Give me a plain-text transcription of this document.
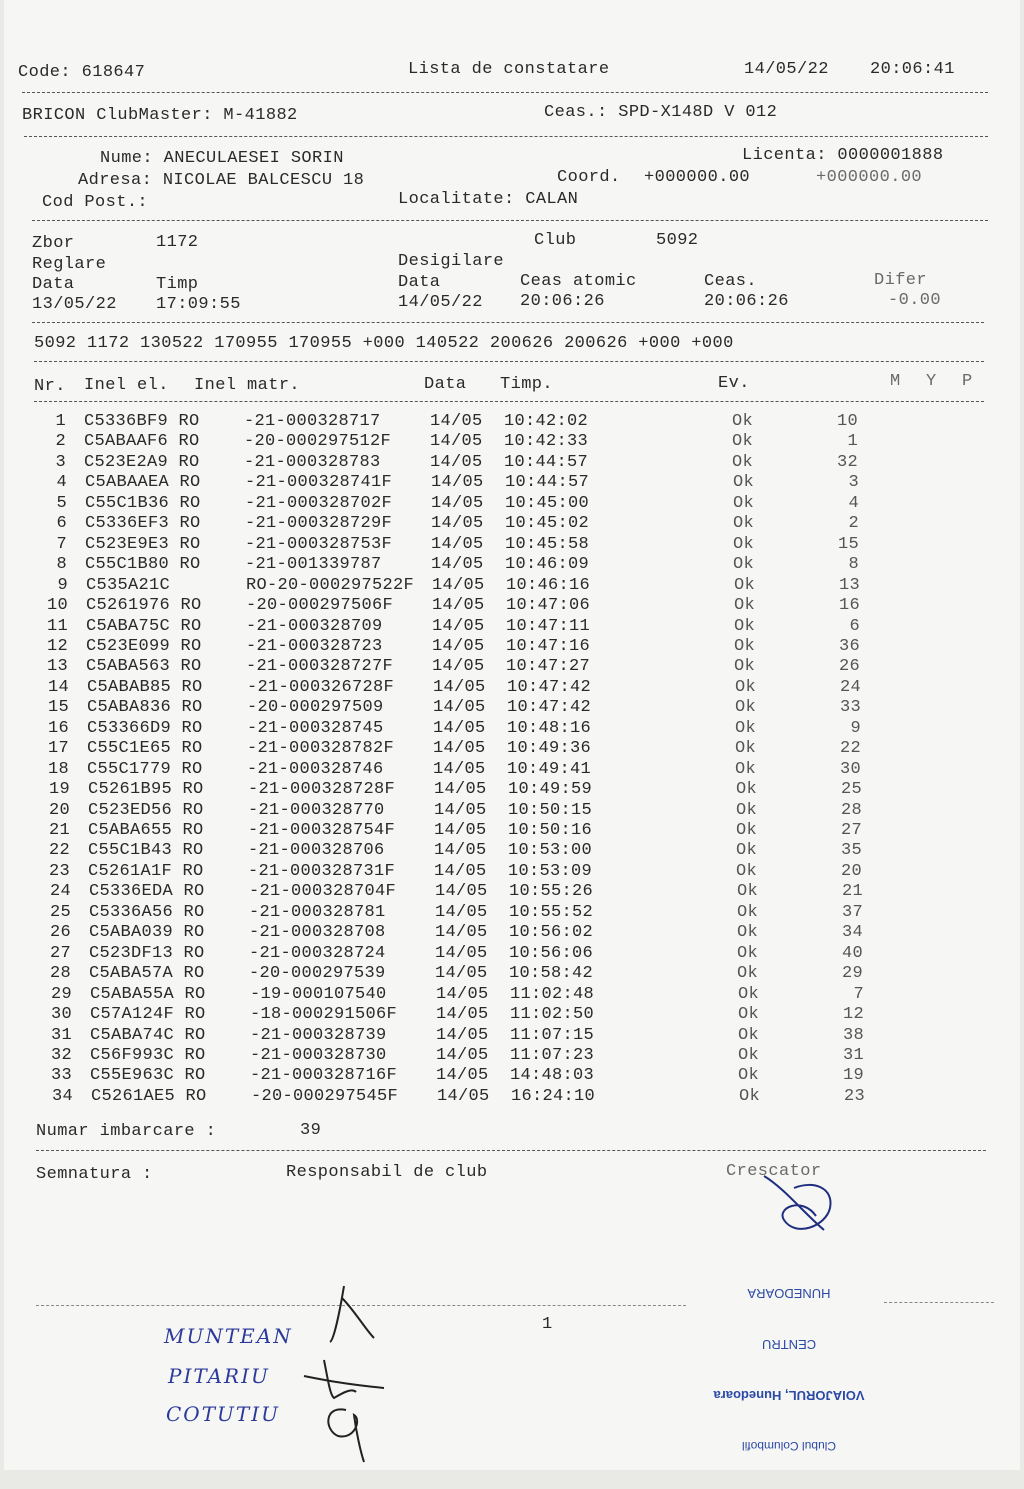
Code: 618647	Lista de constatare	14/05/22 20:06:41
BRICON ClubMaster: M-41882	Ceas.: SPD-X148D V 012
Nume: ANECULAESEI SORIN	Licenta: 0000001888
Adresa: NICOLAE BALCESCU 18	Coord. +000000.00	+000000.00
Cod Post.:	Localitate: CALAN
Zbor	1172	Club	5092
Reglare	Desigilare
Data	Timp	Data	Ceas atomic	Ceas.	Difer
13/05/22 17:09:55	14/05/22 20:06:26	20:06:26	-0.00
5092 1172 130522 170955 170955 +000 140522 200626 200626 +000 +000
Nr. Inel el. Inel matr.	Data Timp.	Ev.	M Y P
1 C5336BF9 RO	-21-000328717	14/05 10:42:02	Ok	10
2 C5ABAAF6 RO	-20-000297512F 14/05 10:42:33	Ok	1
3 C523E2A9 RO	-21-000328783	14/05 10:44:57	Ok	32
4 C5ABAAEA RO	-21-000328741F 14/05 10:44:57	Ok	3
5 C55C1B36 RO	-21-000328702F 14/05 10:45:00	Ok	4
6 C5336EF3 RO	-21-000328729F 14/05 10:45:02	Ok	2
7 C523E9E3 RO	-21-000328753F 14/05 10:45:58	Ok	15
8 C55C1B80 RO	-21-001339787	14/05 10:46:09	Ok	8
9 C535A21C	RO-20-000297522F 14/05 10:46:16	Ok	13
10 C5261976 RO	-20-000297506F 14/05 10:47:06	Ok	16
11 C5ABA75C RO	-21-000328709	14/05 10:47:11	Ok	6
12 C523E099 RO	-21-000328723	14/05 10:47:16	Ok	36
13 C5ABA563 RO	-21-000328727F 14/05 10:47:27	Ok	26
14 C5ABAB85 RO	-21-000326728F 14/05 10:47:42	Ok	24
15 C5ABA836 RO	-20-000297509	14/05 10:47:42	Ok	33
16 C53366D9 RO	-21-000328745	14/05 10:48:16	Ok	9
17 C55C1E65 RO	-21-000328782F 14/05 10:49:36	Ok	22
18 C55C1779 RO	-21-000328746	14/05 10:49:41	Ok	30
19 C5261B95 RO	-21-000328728F 14/05 10:49:59	Ok	25
20 C523ED56 RO	-21-000328770	14/05 10:50:15	Ok	28
21 C5ABA655 RO	-21-000328754F 14/05 10:50:16	Ok	27
22 C55C1B43 RO	-21-000328706	14/05 10:53:00	Ok	35
23 C5261A1F RO	-21-000328731F 14/05 10:53:09	Ok	20
24 C5336EDA RO	-21-000328704F 14/05 10:55:26	Ok	21
25 C5336A56 RO	-21-000328781	14/05 10:55:52	Ok	37
26 C5ABA039 RO	-21-000328708	14/05 10:56:02	Ok	34
27 C523DF13 RO	-21-000328724	14/05 10:56:06	Ok	40
28 C5ABA57A RO	-20-000297539	14/05 10:58:42	Ok	29
29 C5ABA55A RO	-19-000107540	14/05 11:02:48	Ok	7
30 C57A124F RO	-18-000291506F 14/05 11:02:50	Ok	12
31 C5ABA74C RO	-21-000328739	14/05 11:07:15	Ok	38
32 C56F993C RO	-21-000328730	14/05 11:07:23	Ok	31
33 C55E963C RO	-21-000328716F 14/05 14:48:03	Ok	19
34 C5261AE5 RO	-20-000297545F 14/05 16:24:10	Ok	23
Numar imbarcare :	39
Semnatura :	Responsabil de club	Crescator

Clubul Columbofil

VOIAJORUL, Hunedoara

CENTRU

HUNEDOARA

1
MUNTEAN
PITARIU
COTUTIU
